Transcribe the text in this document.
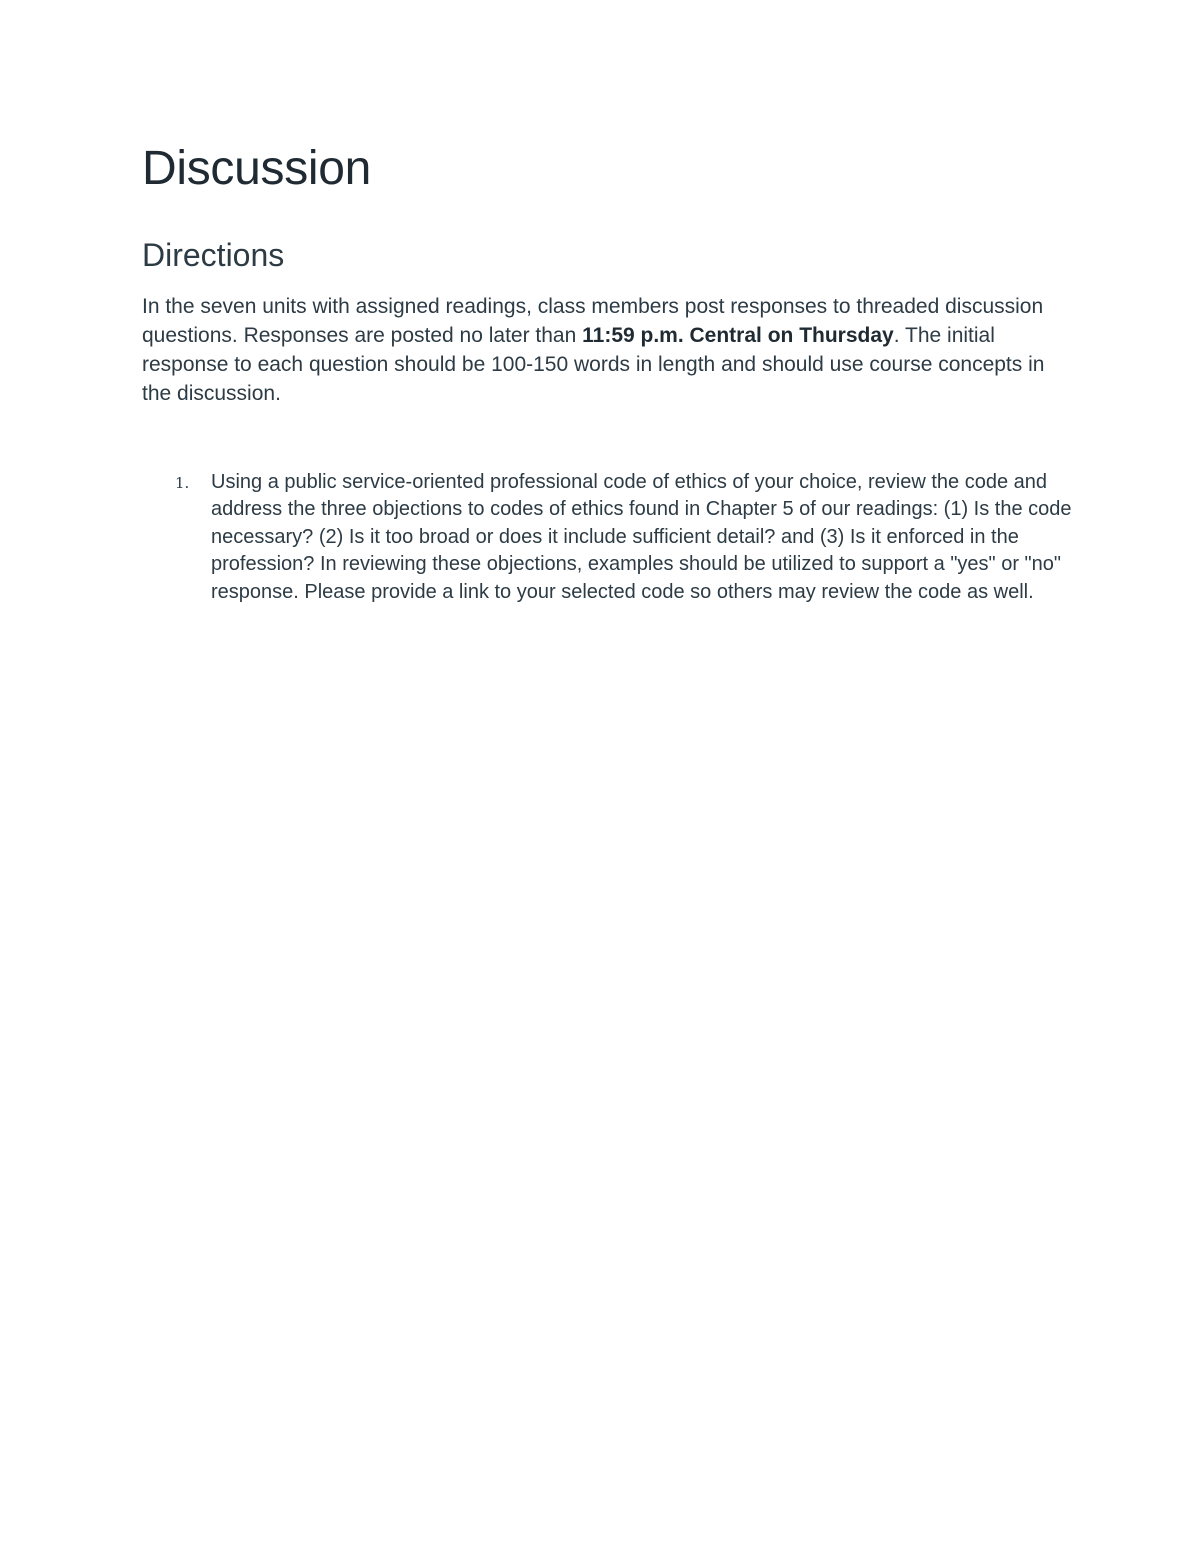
Discussion
Directions

In the seven units with assigned readings, class members post responses to threaded discussion questions. Responses are posted no later than 11:59 p.m. Central on Thursday. The initial response to each question should be 100-150 words in length and should use course concepts in the discussion.

1. Using a public service-oriented professional code of ethics of your choice, review the code and address the three objections to codes of ethics found in Chapter 5 of our readings: (1) Is the code necessary? (2) Is it too broad or does it include sufficient detail? and (3) Is it enforced in the profession? In reviewing these objections, examples should be utilized to support a "yes" or "no" response. Please provide a link to your selected code so others may review the code as well.
